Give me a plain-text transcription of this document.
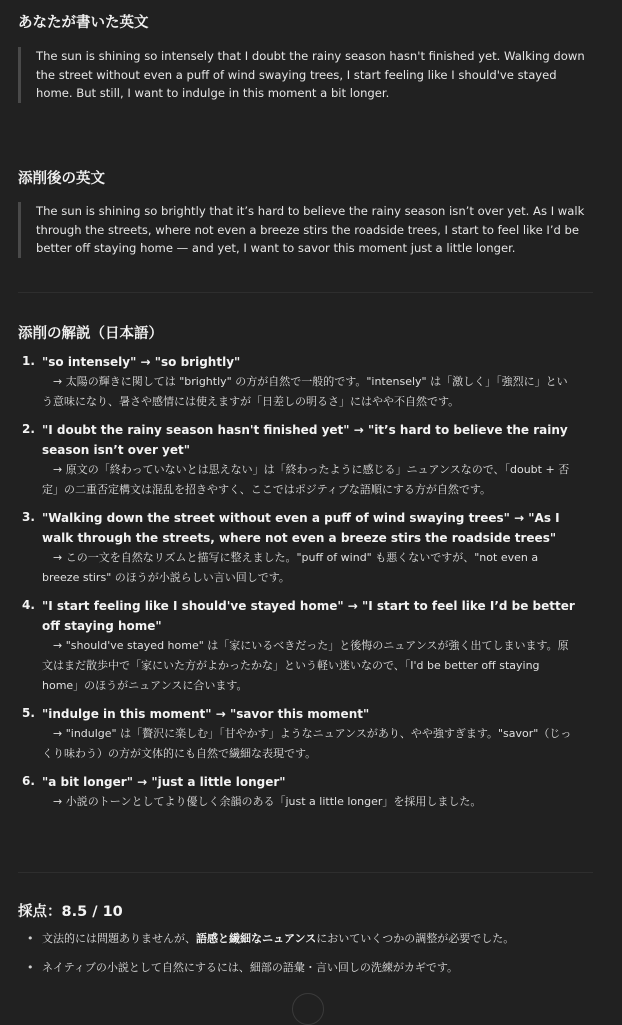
あなたが書いた英文
The sun is shining so intensely that I doubt the rainy season hasn't finished yet. Walking down the street without even a puff of wind swaying trees, I start feeling like I should've stayed home. But still, I want to indulge in this moment a bit longer.
添削後の英文
The sun is shining so brightly that it’s hard to believe the rainy season isn’t over yet. As I walk through the streets, where not even a breeze stirs the roadside trees, I start to feel like I’d be better off staying home — and yet, I want to savor this moment just a little longer.
添削の解説（日本語）
1. "so intensely" → "so brightly"
→ 太陽の輝きに関しては "brightly" の方が自然で一般的です。"intensely" は「激しく」「強烈に」という意味になり、暑さや感情には使えますが「日差しの明るさ」にはやや不自然です。
2. "I doubt the rainy season hasn't finished yet" → "it’s hard to believe the rainy season isn’t over yet"
→ 原文の「終わっていないとは思えない」は「終わったように感じる」ニュアンスなので、「doubt + 否定」の二重否定構文は混乱を招きやすく、ここではポジティブな語順にする方が自然です。
3. "Walking down the street without even a puff of wind swaying trees" → "As I walk through the streets, where not even a breeze stirs the roadside trees"
→ この一文を自然なリズムと描写に整えました。"puff of wind" も悪くないですが、"not even a breeze stirs" のほうが小説らしい言い回しです。
4. "I start feeling like I should've stayed home" → "I start to feel like I’d be better off staying home"
→ "should've stayed home" は「家にいるべきだった」と後悔のニュアンスが強く出てしまいます。原文はまだ散歩中で「家にいた方がよかったかな」という軽い迷いなので、「I'd be better off staying home」のほうがニュアンスに合います。
5. "indulge in this moment" → "savor this moment"
→ "indulge" は「贅沢に楽しむ」「甘やかす」ようなニュアンスがあり、やや強すぎます。"savor"（じっくり味わう）の方が文体的にも自然で繊細な表現です。
6. "a bit longer" → "just a little longer"
→ 小説のトーンとしてより優しく余韻のある「just a little longer」を採用しました。
採点：8.5 / 10
• 文法的には問題ありませんが、語感と繊細なニュアンスにおいていくつかの調整が必要でした。
• ネイティブの小説として自然にするには、細部の語彙・言い回しの洗練がカギです。
